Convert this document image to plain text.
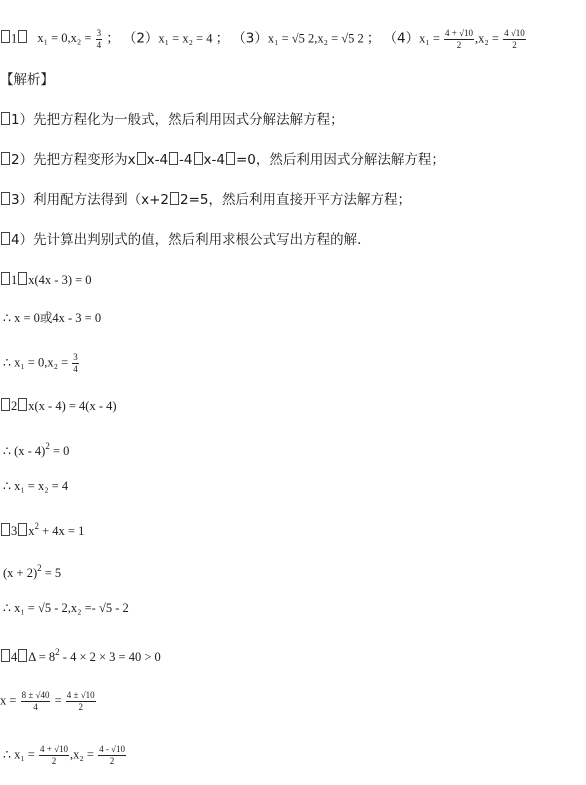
1 $x_1 = 0,x_2 = \frac{3}{4}$ ； （2）x₁ = x₂ = 4 ； （3）x₁ = √5 2,x₂ = √5 2 ； $(4)x_1 = \frac{4 + √10}{2} ,x_2 = \frac{4 √10}{2}$
【解析】
1）先把方程化为一般式，然后利用因式分解法解方程；
2）先把方程变形为x x-4 -4 x-4 =0，然后利用因式分解法解方程；
3）利用配方法得到（x+2 2=5，然后利用直接开平方法解方程；
4）先计算出判别式的值，然后利用求根公式写出方程的解．
1 x(4x - 3) = 0
∴ x = 0或4x - 3 = 0
∴ $x_1 = 0,x_2 = \frac{3}{4}$
2 x(x - 4) = 4(x - 4)
∴ (x - 4)$^2$ = 0
∴ x₁ = x₂ = 4
3 $x^2 + 4x = 1$
$(x + 2)^2 = 5$
∴ x₁ = √5 - 2,x₂ =- √5 - 2
4 $\Delta = 8^2 - 4 \times 2 \times 3 = 40 > 0$
$x = \frac{8 \pm √40}{4} = \frac{4 \pm √10}{2}$
∴ $x_1 = \frac{4 + √10}{2} ,x_2 = \frac{4 - √10}{2}$
